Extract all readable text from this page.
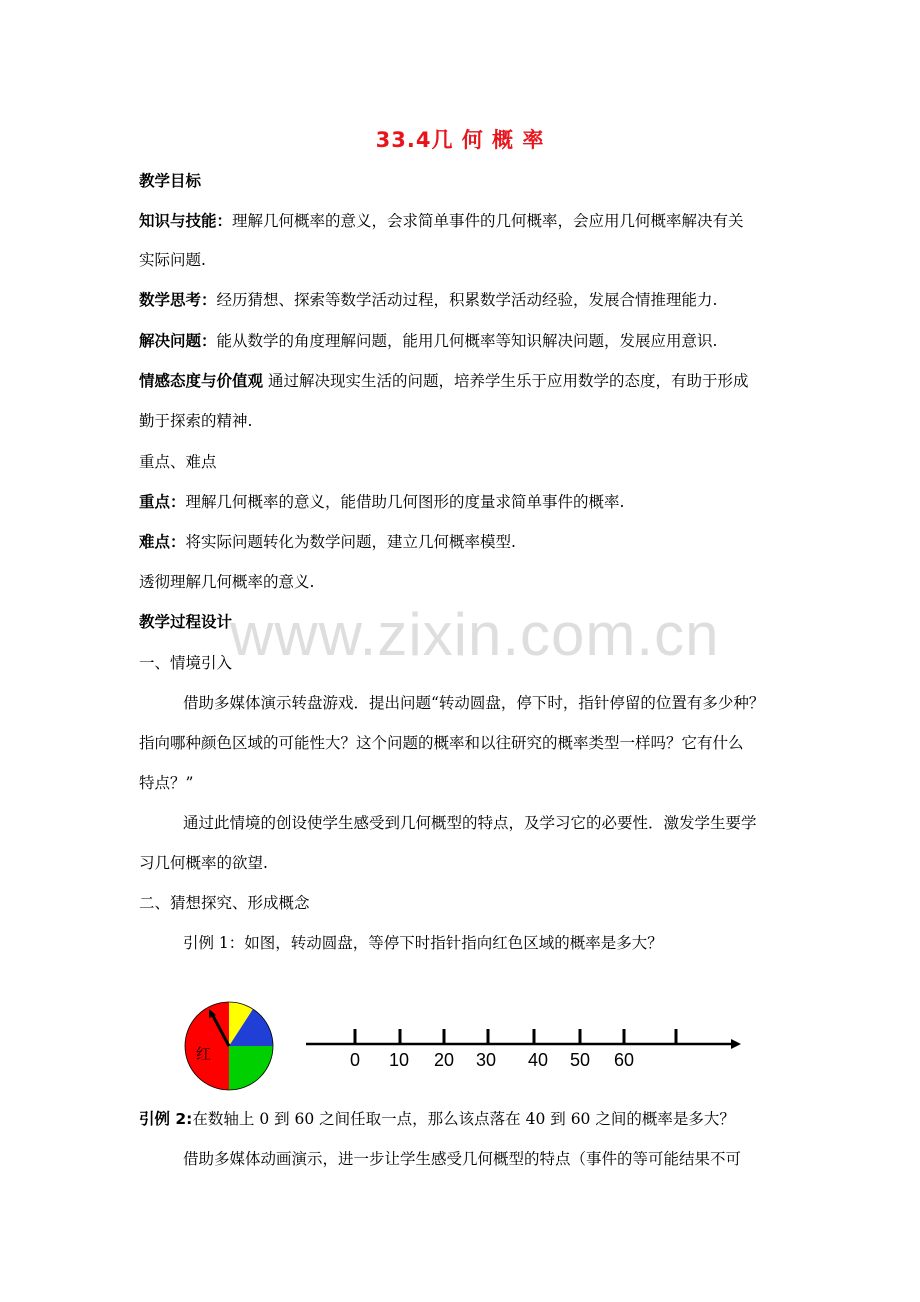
www.zixin.com.cn
33.4几 何 概 率
教学目标
知识与技能：理解几何概率的意义，会求简单事件的几何概率，会应用几何概率解决有关
实际问题.
数学思考：经历猜想、探索等数学活动过程，积累数学活动经验，发展合情推理能力.
解决问题：能从数学的角度理解问题，能用几何概率等知识解决问题，发展应用意识.
情感态度与价值观 通过解决现实生活的问题，培养学生乐于应用数学的态度，有助于形成
勤于探索的精神.
重点、难点
重点：理解几何概率的意义，能借助几何图形的度量求简单事件的概率.
难点：将实际问题转化为数学问题，建立几何概率模型.
透彻理解几何概率的意义.
教学过程设计
一、情境引入
借助多媒体演示转盘游戏．提出问题“转动圆盘，停下时，指针停留的位置有多少种？
指向哪种颜色区域的可能性大？这个问题的概率和以往研究的概率类型一样吗？它有什么
特点？”
通过此情境的创设使学生感受到几何概型的特点，及学习它的必要性．激发学生要学
习几何概率的欲望.
二、猜想探究、形成概念
引例 1：如图，转动圆盘，等停下时指针指向红色区域的概率是多大？
红	0 10 20 30 40 50 60
引例 2:在数轴上 0 到 60 之间任取一点，那么该点落在 40 到 60 之间的概率是多大？
借助多媒体动画演示，进一步让学生感受几何概型的特点（事件的等可能结果不可
